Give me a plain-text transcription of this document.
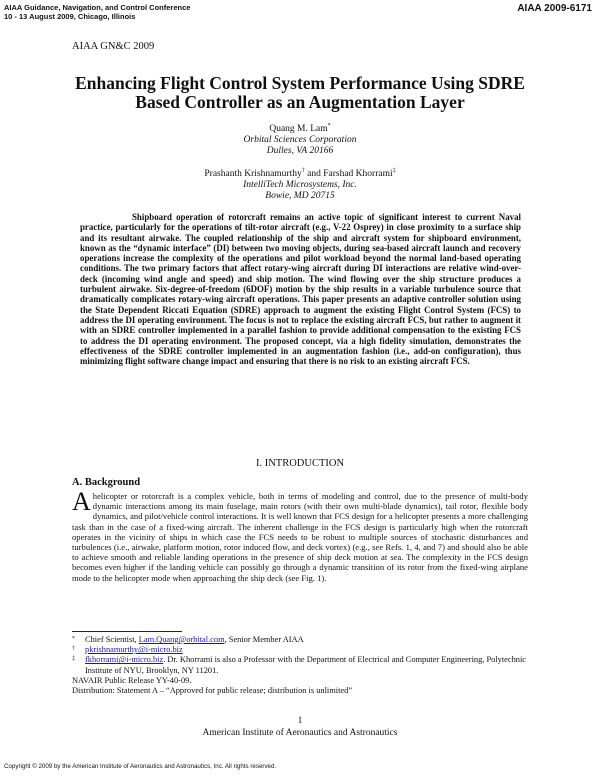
AIAA Guidance, Navigation, and Control Conference
10 - 13 August 2009, Chicago, Illinois
AIAA 2009-6171
AIAA GN&C 2009
Enhancing Flight Control System Performance Using SDRE
Based Controller as an Augmentation Layer
Quang M. Lam*
Orbital Sciences Corporation
Dulles, VA 20166
Prashanth Krishnamurthy† and Farshad Khorrami‡
IntelliTech Microsystems, Inc.
Bowie, MD 20715

Shipboard operation of rotorcraft remains an active topic of significant interest to current Naval practice, particularly for the operations of tilt-rotor aircraft (e.g., V-22 Osprey) in close proximity to a surface ship and its resultant airwake. The coupled relationship of the ship and aircraft system for shipboard environment, known as the “dynamic interface” (DI) between two moving objects, during sea-based aircraft launch and recovery operations increase the complexity of the operations and pilot workload beyond the normal land-based operating conditions. The two primary factors that affect rotary-wing aircraft during DI interactions are relative wind-over-deck (incoming wind angle and speed) and ship motion. The wind flowing over the ship structure produces a turbulent airwake. Six-degree-of-freedom (6DOF) motion by the ship results in a variable turbulence source that dramatically complicates rotary-wing aircraft operations. This paper presents an adaptive controller solution using the State Dependent Riccati Equation (SDRE) approach to augment the existing Flight Control System (FCS) to address the DI operating environment. The focus is not to replace the existing aircraft FCS, but rather to augment it with an SDRE controller implemented in a parallel fashion to provide additional compensation to the existing FCS to address the DI operating environment. The proposed concept, via a high fidelity simulation, demonstrates the effectiveness of the SDRE controller implemented in an augmentation fashion (i.e., add-on configuration), thus minimizing flight software change impact and ensuring that there is no risk to an existing aircraft FCS.

I. INTRODUCTION
A. Background

A helicopter or rotorcraft is a complex vehicle, both in terms of modeling and control, due to the presence of multi-body dynamic interactions among its main fuselage, main rotors (with their own multi-blade dynamics), tail rotor, flexible body dynamics, and pilot/vehicle control interactions. It is well known that FCS design for a helicopter presents a more challenging task than in the case of a fixed-wing aircraft. The inherent challenge in the FCS design is particularly high when the rotorcraft operates in the vicinity of ships in which case the FCS needs to be robust to multiple sources of stochastic disturbances and turbulences (i.e., airwake, platform motion, rotor induced flow, and deck vortex) (e.g., see Refs. 1, 4, and 7) and should also be able to achieve smooth and reliable landing operations in the presence of ship deck motion at sea. The complexity in the FCS design becomes even higher if the landing vehicle can possibly go through a dynamic transition of its rotor from the fixed-wing airplane mode to the helicopter mode when approaching the ship deck (see Fig. 1).

* Chief Scientist, Lam.Quang@orbital.com, Senior Member AIAA
† pkrishnamurthy@i-micro.biz
‡ fkhorrami@i-micro.biz. Dr. Khorrami is also a Professor with the Department of Electrical and Computer Engineering, Polytechnic Institute of NYU, Brooklyn, NY 11201.
NAVAIR Public Release YY-40-09.
Distribution: Statement A – “Approved for public release; distribution is unlimited”
1
American Institute of Aeronautics and Astronautics
Copyright © 2009 by the American Institute of Aeronautics and Astronautics, Inc. All rights reserved.
